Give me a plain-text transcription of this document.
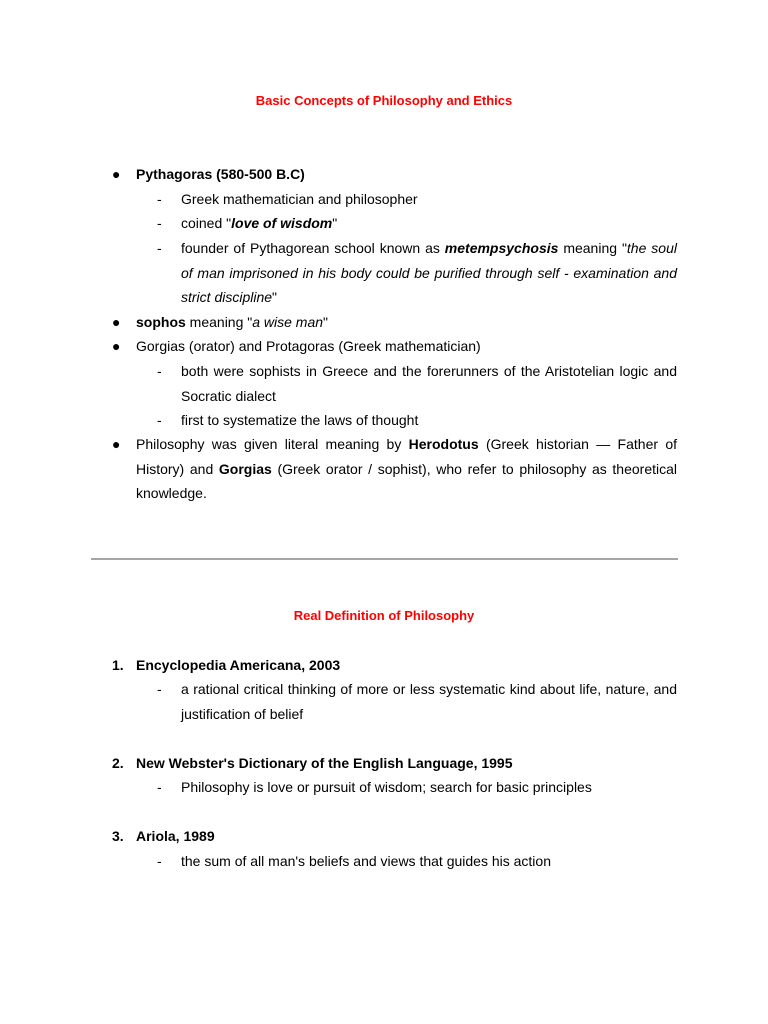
Basic Concepts of Philosophy and Ethics
● Pythagoras (580-500 B.C)
- Greek mathematician and philosopher
- coined "love of wisdom"
- founder of Pythagorean school known as metempsychosis meaning "the soul of man imprisoned in his body could be purified through self - examination and strict discipline"
● sophos meaning "a wise man"
● Gorgias (orator) and Protagoras (Greek mathematician)
- both were sophists in Greece and the forerunners of the Aristotelian logic and Socratic dialect
- first to systematize the laws of thought
● Philosophy was given literal meaning by Herodotus (Greek historian — Father of History) and Gorgias (Greek orator / sophist), who refer to philosophy as theoretical knowledge.
Real Definition of Philosophy
1. Encyclopedia Americana, 2003
- a rational critical thinking of more or less systematic kind about life, nature, and justification of belief
2. New Webster's Dictionary of the English Language, 1995
- Philosophy is love or pursuit of wisdom; search for basic principles
3. Ariola, 1989
- the sum of all man's beliefs and views that guides his action
